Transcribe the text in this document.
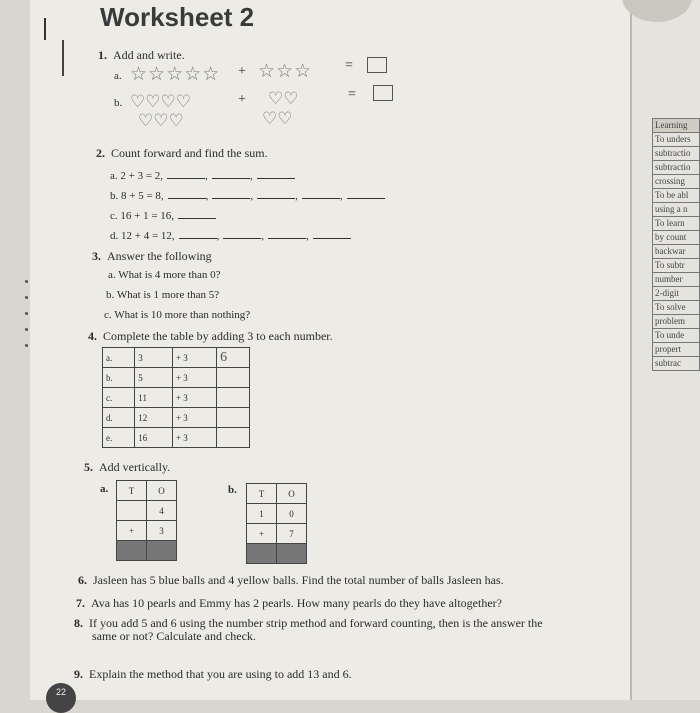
Worksheet 2
1. Add and write.
a. ☆☆☆☆☆ + ☆☆☆ =
b. ♡♡♡♡
♡♡♡
+ ♡♡
♡♡
=
2. Count forward and find the sum.
a. 2 + 3 = 2,	,	,
b. 8 + 5 = 8,	,	,	,	,
c. 16 + 1 = 16,
d. 12 + 4 = 12,	,	,	,
3. Answer the following
a. What is 4 more than 0?
b. What is 1 more than 5?
c. What is 10 more than nothing?
4. Complete the table by adding 3 to each number.
a.	3	+ 3	6
b.	5	+ 3	
c.	11	+ 3	
d.	12	+ 3	
e.	16	+ 3	
5. Add vertically.
a. T	O
	4
+	3

b. T	O
1	0
+	7

6. Jasleen has 5 blue balls and 4 yellow balls. Find the total number of balls Jasleen has.
7. Ava has 10 pearls and Emmy has 2 pearls. How many pearls do they have altogether?
8. If you add 5 and 6 using the number strip method and forward counting, then is the answer the
same or not? Calculate and check.
9. Explain the method that you are using to add 13 and 6.
22
Learning
To unders
subtractio
subtractio
crossing
To be abl
using a n
To learn
by count
backwar
To subtr
number
2-digit
To solve
problem
To unde
propert
subtrac
